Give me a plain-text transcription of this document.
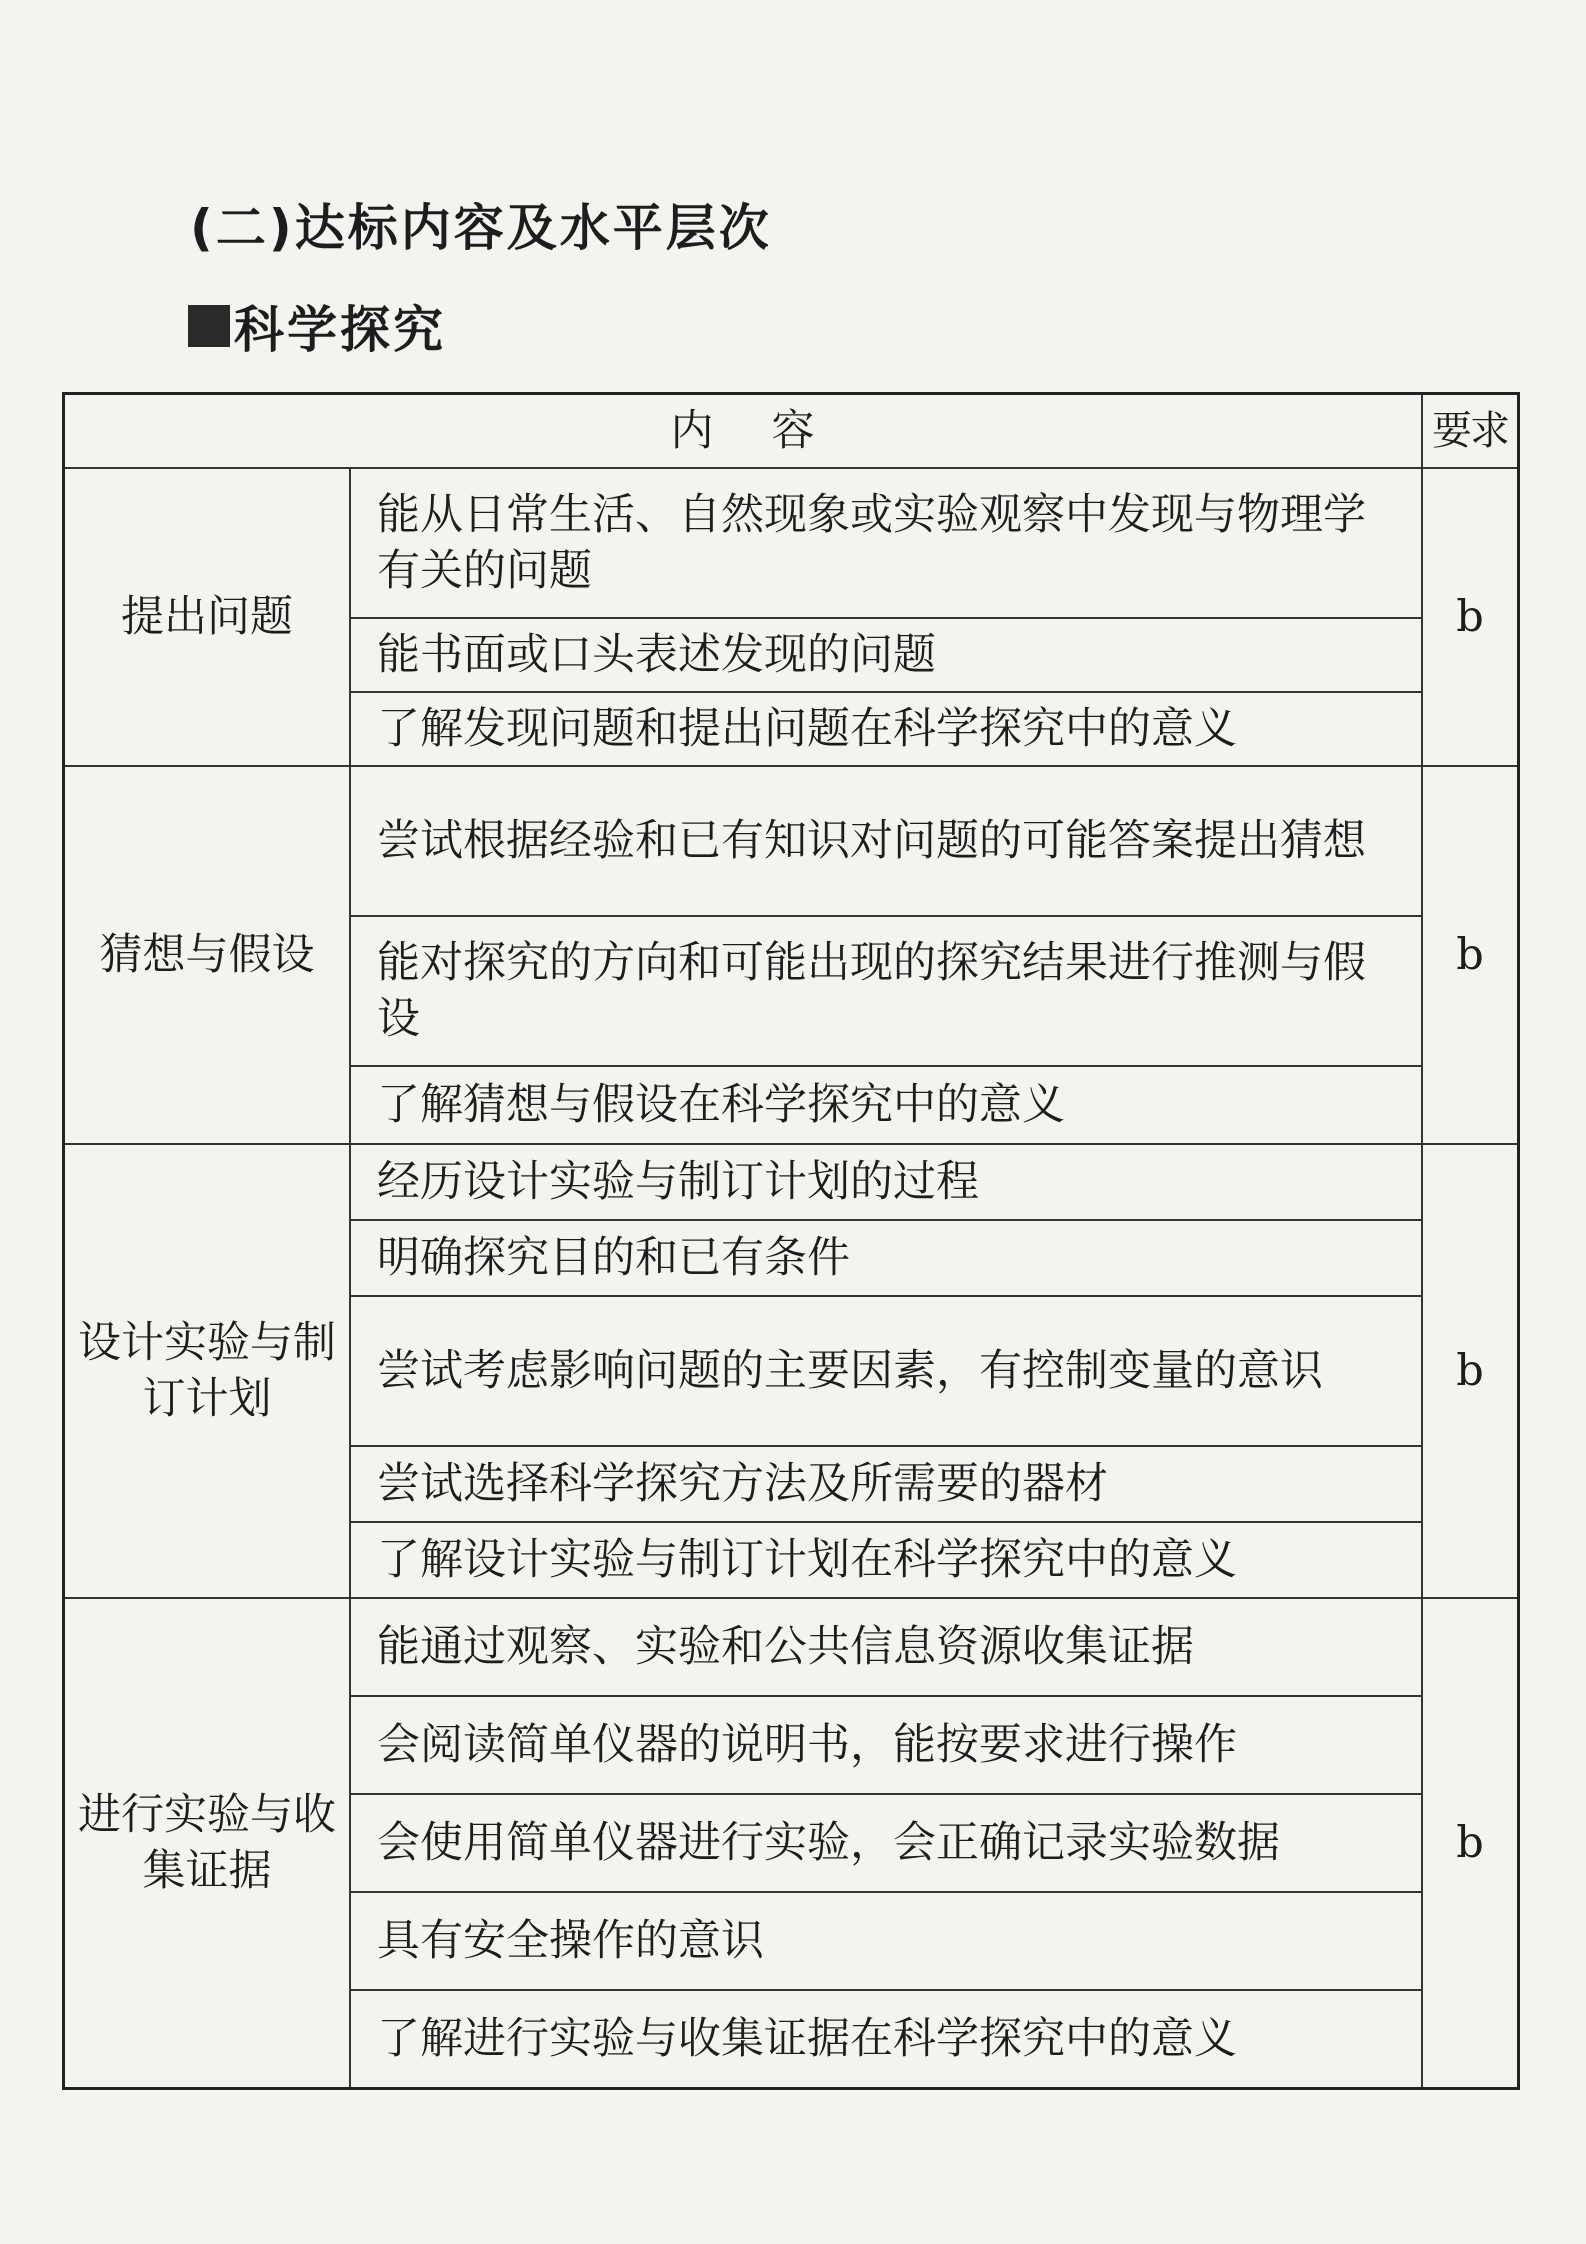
(二)达标内容及水平层次
科学探究
内容		要求
提出问题	能从日常生活、自然现象或实验观察中发现与物理学有关的问题	b
	能书面或口头表述发现的问题	
	了解发现问题和提出问题在科学探究中的意义	
猜想与假设	尝试根据经验和已有知识对问题的可能答案提出猜想	b
	能对探究的方向和可能出现的探究结果进行推测与假设	
	了解猜想与假设在科学探究中的意义	
设计实验与制订计划	经历设计实验与制订计划的过程	b
	明确探究目的和已有条件	
	尝试考虑影响问题的主要因素，有控制变量的意识	
	尝试选择科学探究方法及所需要的器材	
	了解设计实验与制订计划在科学探究中的意义	
进行实验与收集证据	能通过观察、实验和公共信息资源收集证据	b
	会阅读简单仪器的说明书，能按要求进行操作	
	会使用简单仪器进行实验，会正确记录实验数据	
	具有安全操作的意识	
	了解进行实验与收集证据在科学探究中的意义	
